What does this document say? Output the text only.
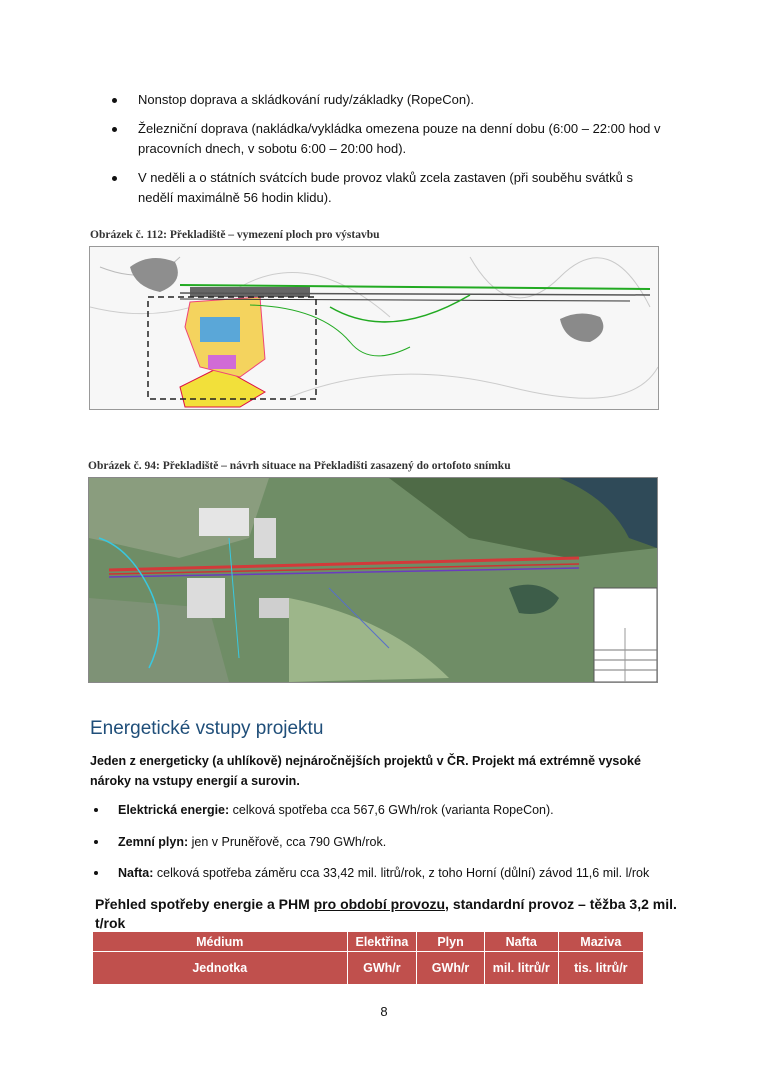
Nonstop doprava a skládkování rudy/základky (RopeCon).
Železniční doprava (nakládka/vykládka omezena pouze na denní dobu (6:00 – 22:00 hod v pracovních dnech, v sobotu 6:00 – 20:00 hod).
V neděli a o státních svátcích bude provoz vlaků zcela zastaven (při souběhu svátků s nedělí maximálně 56 hodin klidu).
Obrázek č. 112: Překladiště – vymezení ploch pro výstavbu
Obrázek č. 94: Překladiště – návrh situace na Překladišti zasazený do ortofoto snímku
Energetické vstupy projektu
Jeden z energeticky (a uhlíkově) nejnáročnějších projektů v ČR. Projekt má extrémně vysoké nároky na vstupy energií a surovin.
Elektrická energie: celková spotřeba cca 567,6 GWh/rok (varianta RopeCon).
Zemní plyn: jen v Pruněřově, cca 790 GWh/rok.
Nafta: celková spotřeba záměru cca 33,42 mil. litrů/rok, z toho Horní (důlní) závod 11,6 mil. l/rok
Přehled spotřeby energie a PHM pro období provozu, standardní provoz – těžba 3,2 mil. t/rok
Médium	Elektřina	Plyn	Nafta	Maziva
Jednotka	GWh/r	GWh/r	mil. litrů/r	tis. litrů/r
8
